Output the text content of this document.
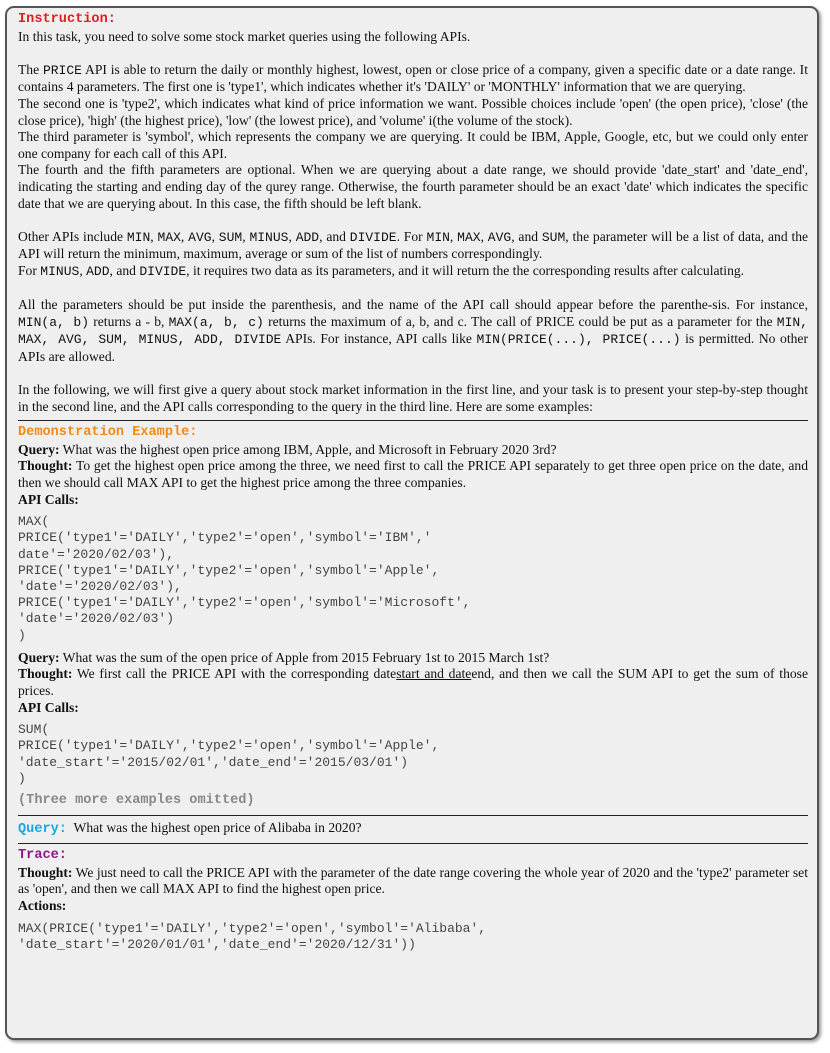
Instruction:

In this task, you need to solve some stock market queries using the following APIs.

The PRICE API is able to return the daily or monthly highest, lowest, open or close price of a company, given a specific date or a date range. It contains 4 parameters. The first one is 'type1', which indicates whether it's 'DAILY' or 'MONTHLY' information that we are querying.

The second one is 'type2', which indicates what kind of price information we want. Possible choices include 'open' (the open price), 'close' (the close price), 'high' (the highest price), 'low' (the lowest price), and 'volume' i(the volume of the stock).

The third parameter is 'symbol', which represents the company we are querying. It could be IBM, Apple, Google, etc, but we could only enter one company for each call of this API.

The fourth and the fifth parameters are optional. When we are querying about a date range, we should provide 'date_start' and 'date_end', indicating the starting and ending day of the qurey range. Otherwise, the fourth parameter should be an exact 'date' which indicates the specific date that we are querying about. In this case, the fifth should be left blank.

Other APIs include MIN, MAX, AVG, SUM, MINUS, ADD, and DIVIDE. For MIN, MAX, AVG, and SUM, the parameter will be a list of data, and the API will return the minimum, maximum, average or sum of the list of numbers correspondingly.

For MINUS, ADD, and DIVIDE, it requires two data as its parameters, and it will return the the corresponding results after calculating.

All the parameters should be put inside the parenthesis, and the name of the API call should appear before the parenthe-sis. For instance, MIN(a, b) returns a - b, MAX(a, b, c) returns the maximum of a, b, and c. The call of PRICE could be put as a parameter for the MIN, MAX, AVG, SUM, MINUS, ADD, DIVIDE APIs. For instance, API calls like MIN(PRICE(...), PRICE(...) is permitted. No other APIs are allowed.

In the following, we will first give a query about stock market information in the first line, and your task is to present your step-by-step thought in the second line, and the API calls corresponding to the query in the third line. Here are some examples:

Demonstration Example:

Query: What was the highest open price among IBM, Apple, and Microsoft in February 2020 3rd?

Thought: To get the highest open price among the three, we need first to call the PRICE API separately to get three open price on the date, and then we should call MAX API to get the highest price among the three companies.

API Calls:

MAX(
PRICE('type1'='DAILY','type2'='open','symbol'='IBM','
date'='2020/02/03'),
PRICE('type1'='DAILY','type2'='open','symbol'='Apple',
'date'='2020/02/03'),
PRICE('type1'='DAILY','type2'='open','symbol'='Microsoft',
'date'='2020/02/03')
)

Query: What was the sum of the open price of Apple from 2015 February 1st to 2015 March 1st?

Thought: We first call the PRICE API with the corresponding datestart and dateend, and then we call the SUM API to get the sum of those prices.

API Calls:

SUM(
PRICE('type1'='DAILY','type2'='open','symbol'='Apple',
'date_start'='2015/02/01','date_end'='2015/03/01')
)
(Three more examples omitted)

Query: What was the highest open price of Alibaba in 2020?

Trace:

Thought: We just need to call the PRICE API with the parameter of the date range covering the whole year of 2020 and the 'type2' parameter set as 'open', and then we call MAX API to find the highest open price.

Actions:

MAX(PRICE('type1'='DAILY','type2'='open','symbol'='Alibaba',
'date_start'='2020/01/01','date_end'='2020/12/31'))
